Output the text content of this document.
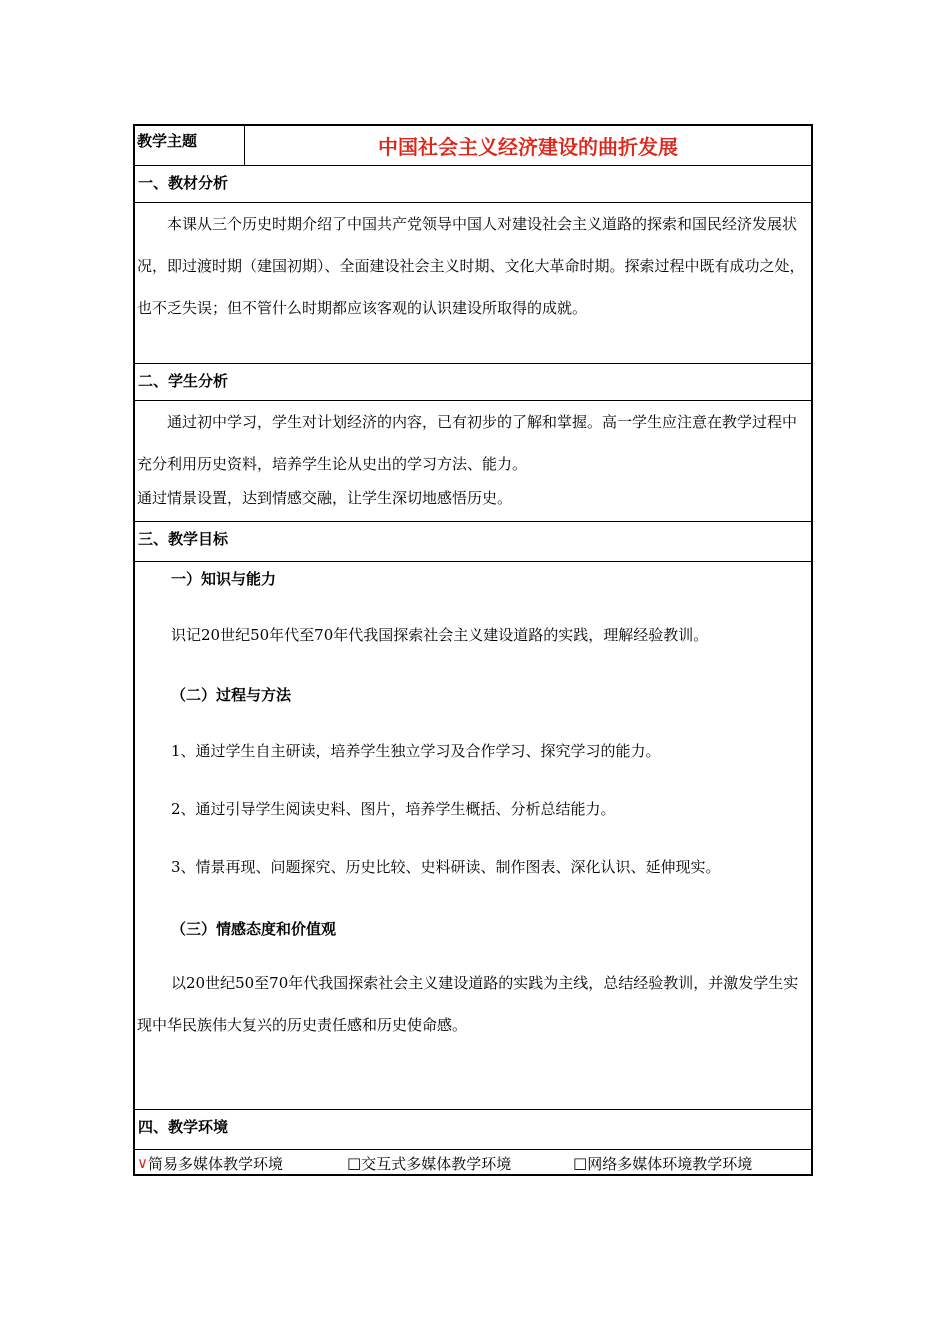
教学主题	中国社会主义经济建设的曲折发展
一、教材分析
本课从三个历史时期介绍了中国共产党领导中国人对建设社会主义道路的探索和国民经济发展状况，即过渡时期（建国初期）、全面建设社会主义时期、文化大革命时期。探索过程中既有成功之处，也不乏失误；但不管什么时期都应该客观的认识建设所取得的成就。
二、学生分析
通过初中学习，学生对计划经济的内容，已有初步的了解和掌握。高一学生应注意在教学过程中充分利用历史资料，培养学生论从史出的学习方法、能力。
通过情景设置，达到情感交融，让学生深切地感悟历史。
三、教学目标
一）知识与能力
识记20世纪50年代至70年代我国探索社会主义建设道路的实践，理解经验教训。
（二）过程与方法
1、通过学生自主研读，培养学生独立学习及合作学习、探究学习的能力。
2、通过引导学生阅读史料、图片，培养学生概括、分析总结能力。
3、情景再现、问题探究、历史比较、史料研读、制作图表、深化认识、延伸现实。
（三）情感态度和价值观
以20世纪50至70年代我国探索社会主义建设道路的实践为主线，总结经验教训，并激发学生实现中华民族伟大复兴的历史责任感和历史使命感。
四、教学环境
∨ 简易多媒体教学环境	□ 交互式多媒体教学环境	□ 网络多媒体环境教学环境
